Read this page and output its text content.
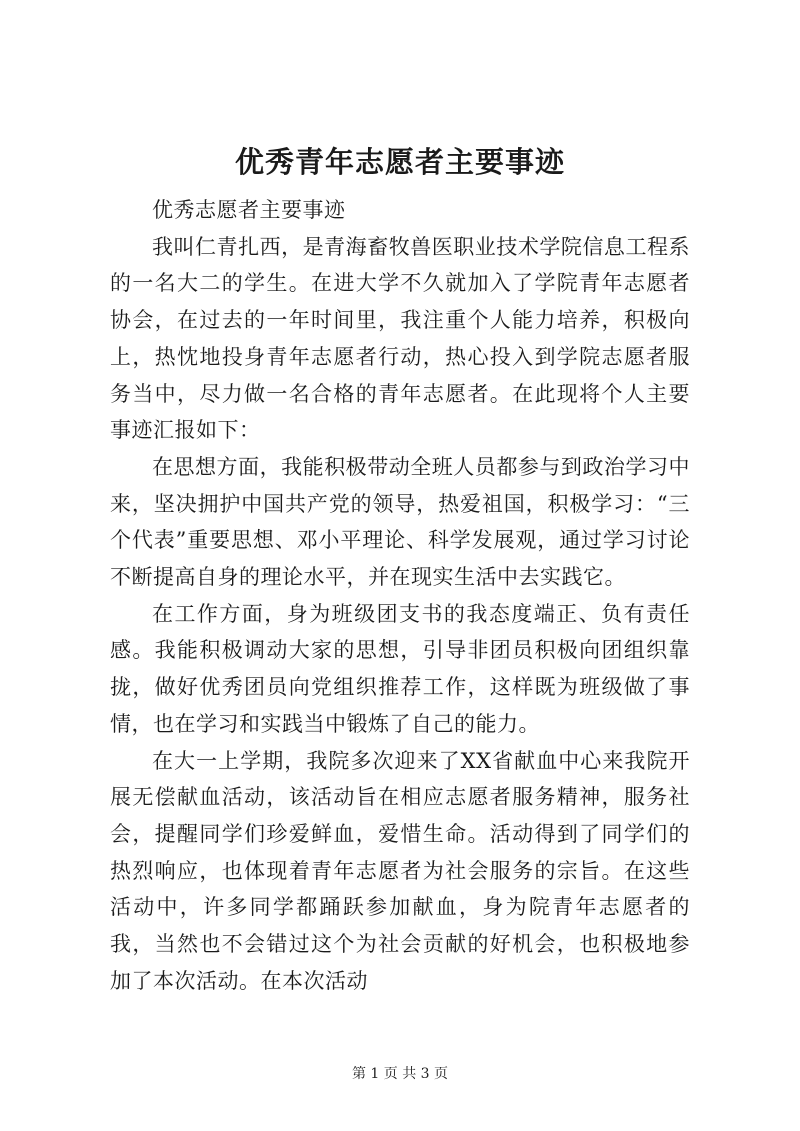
优秀青年志愿者主要事迹

优秀志愿者主要事迹

我叫仁青扎西，是青海畜牧兽医职业技术学院信息工程系的一名大二的学生。在进大学不久就加入了学院青年志愿者协会，在过去的一年时间里，我注重个人能力培养，积极向上，热忱地投身青年志愿者行动，热心投入到学院志愿者服务当中，尽力做一名合格的青年志愿者。在此现将个人主要事迹汇报如下：

在思想方面，我能积极带动全班人员都参与到政治学习中来，坚决拥护中国共产党的领导，热爱祖国，积极学习：“三个代表”重要思想、邓小平理论、科学发展观，通过学习讨论不断提高自身的理论水平，并在现实生活中去实践它。

在工作方面，身为班级团支书的我态度端正、负有责任感。我能积极调动大家的思想，引导非团员积极向团组织靠拢，做好优秀团员向党组织推荐工作，这样既为班级做了事情，也在学习和实践当中锻炼了自己的能力。

在大一上学期，我院多次迎来了XX省献血中心来我院开展无偿献血活动，该活动旨在相应志愿者服务精神，服务社会，提醒同学们珍爱鲜血，爱惜生命。活动得到了同学们的热烈响应，也体现着青年志愿者为社会服务的宗旨。在这些活动中，许多同学都踊跃参加献血，身为院青年志愿者的我，当然也不会错过这个为社会贡献的好机会，也积极地参加了本次活动。在本次活动

第 1 页 共 3 页
